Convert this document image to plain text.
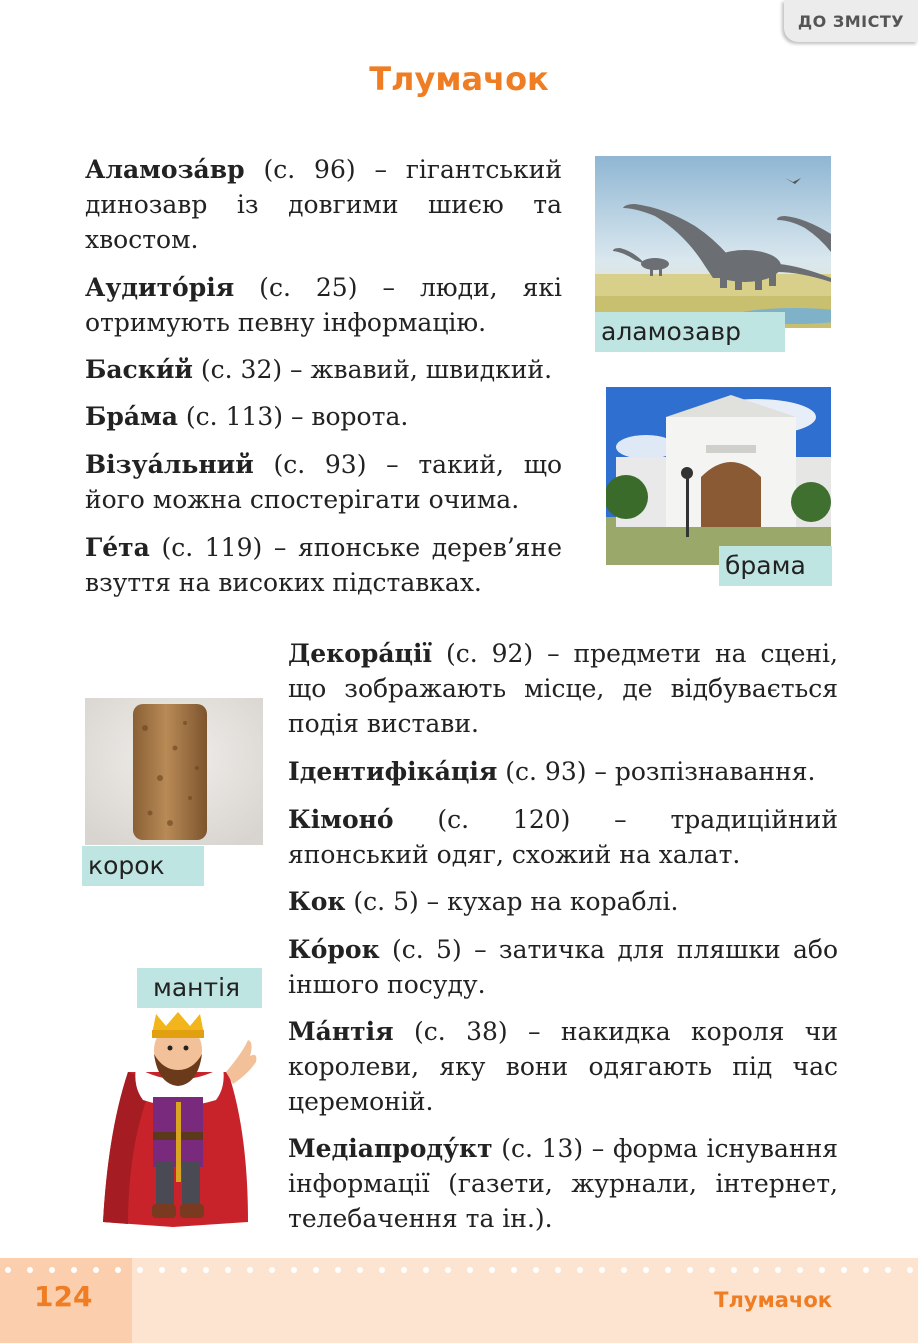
ДО ЗМІСТУ
Тлумачок

Аламоза́вр (с. 96) – гігантський динозавр із довгими шиєю та хвостом.

Аудито́рія (с. 25) – люди, які отримують певну інформацію.

Баски́й (с. 32) – жвавий, швидкий.

Бра́ма (с. 113) – ворота.

Візуа́льний (с. 93) – такий, що його можна спостерігати очима.

Ге́та (с. 119) – японське дерев’яне взуття на високих підставках.

Декора́ції (с. 92) – предмети на сцені, що зображають місце, де відбувається подія вистави.

Ідентифіка́ція (с. 93) – розпізнавання.

Кімоно́ (с. 120) – традиційний японський одяг, схожий на халат.

Кок (с. 5) – кухар на кораблі.

Ко́рок (с. 5) – затичка для пляшки або іншого посуду.

Ма́нтія (с. 38) – накидка короля чи королеви, яку вони одягають під час церемоній.

Медіапроду́кт (с. 13) – форма існування інформації (газети, журнали, інтернет, телебачення та ін.).

аламозавр
брама
корок
мантія
124	Тлумачок
